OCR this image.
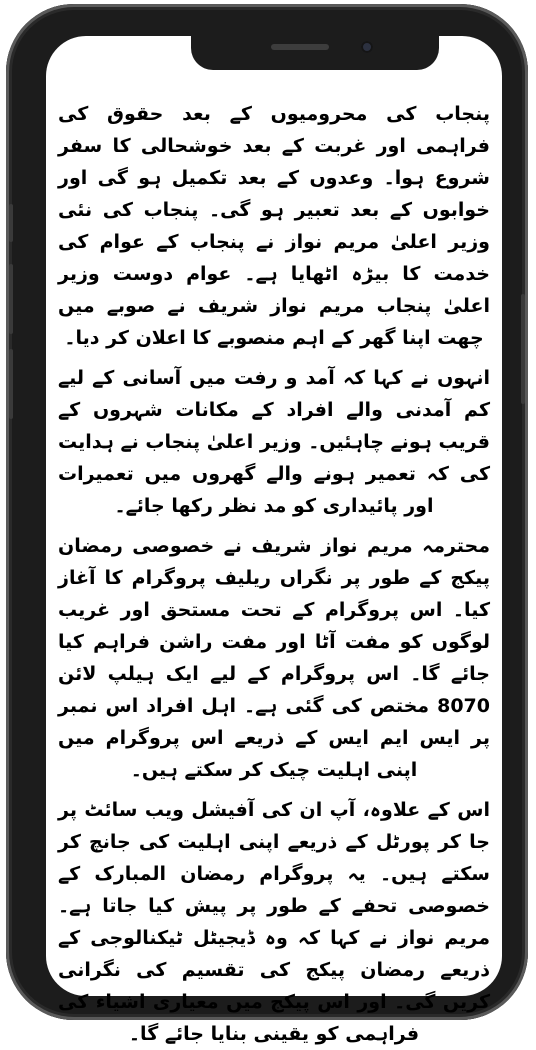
پنجاب کی محرومیوں کے بعد حقوق کی فراہمی اور غربت کے بعد خوشحالی کا سفر شروع ہوا۔ وعدوں کے بعد تکمیل ہو گی اور خوابوں کے بعد تعبیر ہو گی۔ پنجاب کی نئی وزیر اعلیٰ مریم نواز نے پنجاب کے عوام کی خدمت کا بیڑہ اٹھایا ہے۔ عوام دوست وزیر اعلیٰ پنجاب مریم نواز شریف نے صوبے میں چھت اپنا گھر کے اہم منصوبے کا اعلان کر دیا۔

انہوں نے کہا کہ آمد و رفت میں آسانی کے لیے کم آمدنی والے افراد کے مکانات شہروں کے قریب ہونے چاہئیں۔ وزیر اعلیٰ پنجاب نے ہدایت کی کہ تعمیر ہونے والے گھروں میں تعمیرات اور پائیداری کو مد نظر رکھا جائے۔

محترمہ مریم نواز شریف نے خصوصی رمضان پیکج کے طور پر نگراں ریلیف پروگرام کا آغاز کیا۔ اس پروگرام کے تحت مستحق اور غریب لوگوں کو مفت آٹا اور مفت راشن فراہم کیا جائے گا۔ اس پروگرام کے لیے ایک ہیلپ لائن 8070 مختص کی گئی ہے۔ اہل افراد اس نمبر پر ایس ایم ایس کے ذریعے اس پروگرام میں اپنی اہلیت چیک کر سکتے ہیں۔

اس کے علاوہ، آپ ان کی آفیشل ویب سائٹ پر جا کر پورٹل کے ذریعے اپنی اہلیت کی جانچ کر سکتے ہیں۔ یہ پروگرام رمضان المبارک کے خصوصی تحفے کے طور پر پیش کیا جاتا ہے۔ مریم نواز نے کہا کہ وہ ڈیجیٹل ٹیکنالوجی کے ذریعے رمضان پیکج کی تقسیم کی نگرانی کریں گی۔ اور اس پیکج میں معیاری اشیاء کی فراہمی کو یقینی بنایا جائے گا۔
